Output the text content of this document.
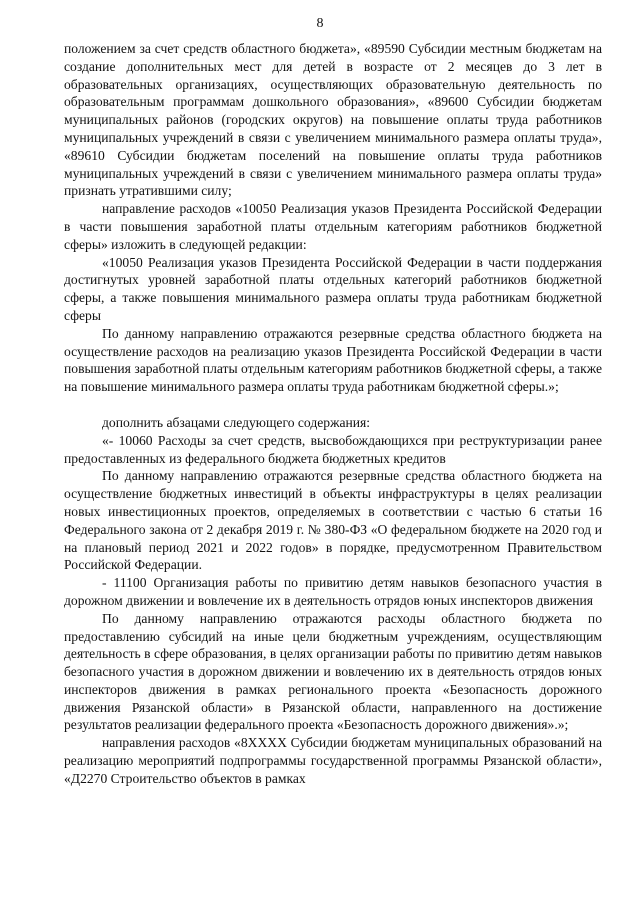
8

положением за счет средств областного бюджета», «89590 Субсидии местным бюджетам на создание дополнительных мест для детей в возрасте от 2 месяцев до 3 лет в образовательных организациях, осуществляющих образовательную деятельность по образовательным программам дошкольного образования», «89600 Субсидии бюджетам муниципальных районов (городских округов) на повышение оплаты труда работников муниципальных учреждений в связи с увеличением минимального размера оплаты труда», «89610 Субсидии бюджетам поселений на повышение оплаты труда работников муниципальных учреждений в связи с увеличением минимального размера оплаты труда» признать утратившими силу;

направление расходов «10050 Реализация указов Президента Российской Федерации в части повышения заработной платы отдельным категориям работников бюджетной сферы» изложить в следующей редакции:

«10050 Реализация указов Президента Российской Федерации в части поддержания достигнутых уровней заработной платы отдельных категорий работников бюджетной сферы, а также повышения минимального размера оплаты труда работникам бюджетной сферы

По данному направлению отражаются резервные средства областного бюджета на осуществление расходов на реализацию указов Президента Российской Федерации в части повышения заработной платы отдельным категориям работников бюджетной сферы, а также на повышение минимального размера оплаты труда работникам бюджетной сферы.»;

дополнить абзацами следующего содержания:

«- 10060 Расходы за счет средств, высвобождающихся при реструктуризации ранее предоставленных из федерального бюджета бюджетных кредитов

По данному направлению отражаются резервные средства областного бюджета на осуществление бюджетных инвестиций в объекты инфраструктуры в целях реализации новых инвестиционных проектов, определяемых в соответствии с частью 6 статьи 16 Федерального закона от 2 декабря 2019 г. № 380-ФЗ «О федеральном бюджете на 2020 год и на плановый период 2021 и 2022 годов» в порядке, предусмотренном Правительством Российской Федерации.

- 11100 Организация работы по привитию детям навыков безопасного участия в дорожном движении и вовлечение их в деятельность отрядов юных инспекторов движения

По данному направлению отражаются расходы областного бюджета по предоставлению субсидий на иные цели бюджетным учреждениям, осуществляющим деятельность в сфере образования, в целях организации работы по привитию детям навыков безопасного участия в дорожном движении и вовлечению их в деятельность отрядов юных инспекторов движения в рамках регионального проекта «Безопасность дорожного движения Рязанской области» в Рязанской области, направленного на достижение результатов реализации федерального проекта «Безопасность дорожного движения».»;

направления расходов «8ХХХХ Субсидии бюджетам муниципальных образований на реализацию мероприятий подпрограммы государственной программы Рязанской области», «Д2270 Строительство объектов в рамках
